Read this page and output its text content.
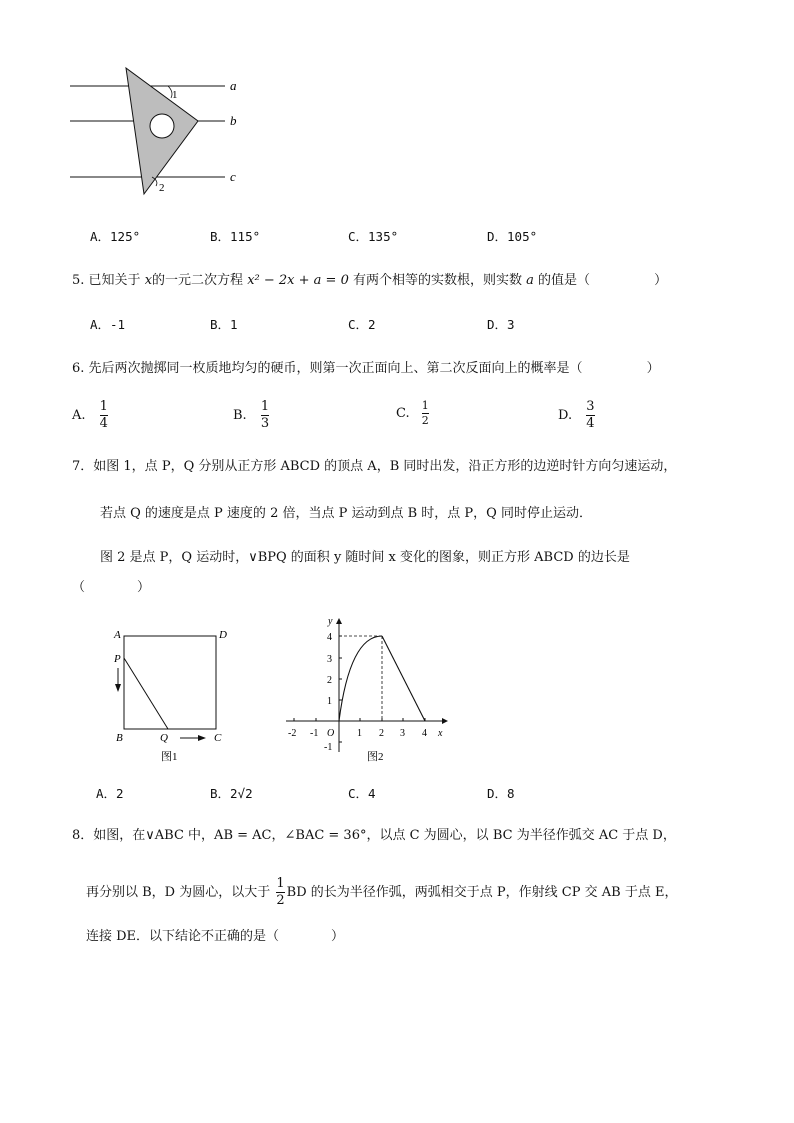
a
b
c
1
2
A．125°	B．115°	C．135°	D．105°
5. 已知关于 x的一元二次方程 x² − 2x + a = 0 有两个相等的实数根，则实数 a 的值是（	）
A．-1	B．1	C．2	D．3
6. 先后两次抛掷同一枚质地均匀的硬币，则第一次正面向上、第二次反面向上的概率是（	）
A. $\frac{1}{4}$	B. $\frac{1}{3}$	C. $\frac{1}{2}$	D. $\frac{3}{4}$
7．如图 1，点 P，Q 分别从正方形 ABCD 的顶点 A，B 同时出发，沿正方形的边逆时针方向匀速运动，
若点 Q 的速度是点 P 速度的 2 倍，当点 P 运动到点 B 时，点 P，Q 同时停止运动．
图 2 是点 P，Q 运动时，∨BPQ 的面积 y 随时间 x 变化的图象，则正方形 ABCD 的边长是
（　　　　）
A	D
P
B	Q	C
图1
-2 -1 O 1 2 3 4 x
4
3
2
1
-1
y
图2
A．2	B．2√2	C．4	D．8
8．如图，在∨ABC 中，AB = AC，∠BAC = 36°，以点 C 为圆心，以 BC 为半径作弧交 AC 于点 D，
再分别以 B，D 为圆心，以大于 $\frac{1}{2}$ BD 的长为半径作弧，两弧相交于点 P，作射线 CP 交 AB 于点 E，
连接 DE．以下结论不正确的是（　　　　）
